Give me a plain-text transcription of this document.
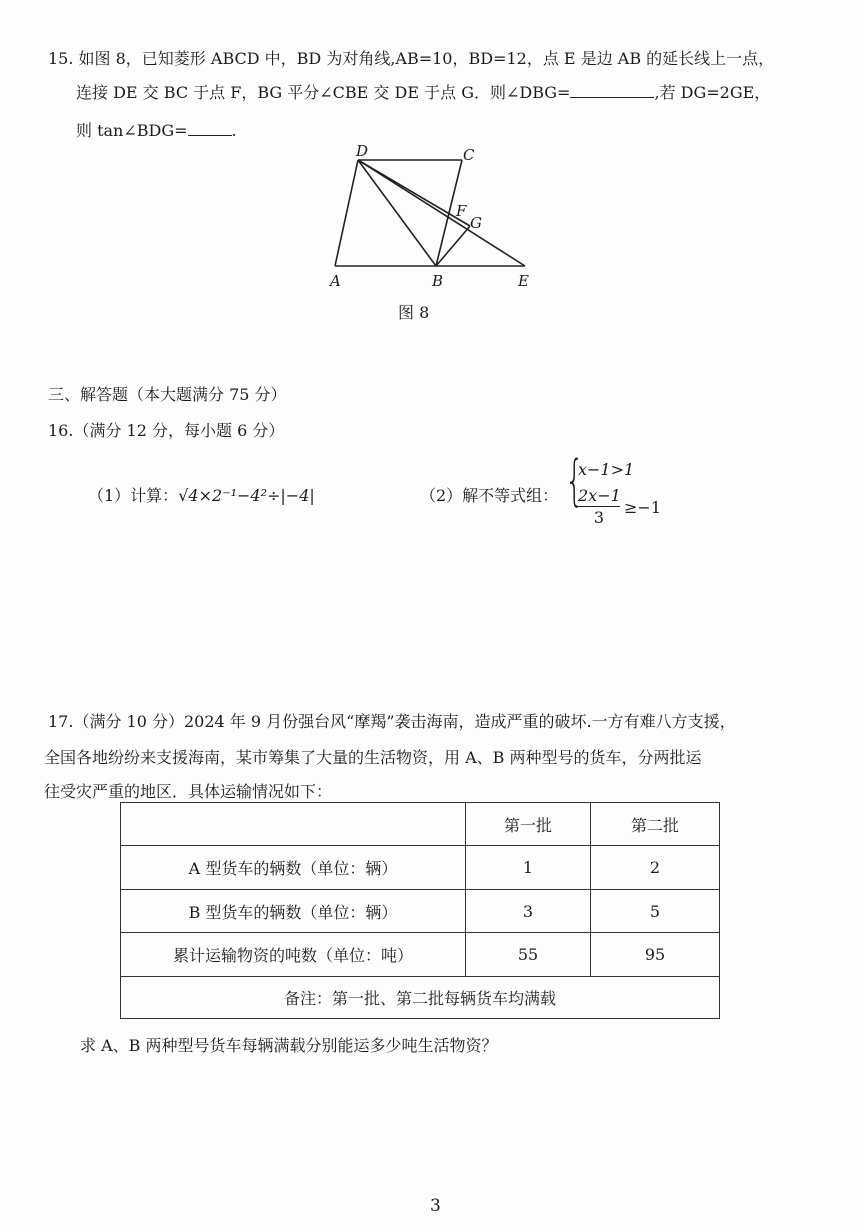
15. 如图 8，已知菱形 ABCD 中，BD 为对角线,AB=10，BD=12，点 E 是边 AB 的延长线上一点，
连接 DE 交 BC 于点 F，BG 平分∠CBE 交 DE 于点 G．则∠DBG=	,若 DG=2GE，
则 tan∠BDG=	.
D	C
F
G
A	B	E
图 8
三、解答题（本大题满分 75 分）
16.（满分 12 分，每小题 6 分）
（1）计算：√4×2⁻¹−4²÷|−4|	（2）解不等式组： {
x−1>1
$\frac{2x-1}{3} \ge-1$
17.（满分 10 分）2024 年 9 月份强台风“摩羯”袭击海南，造成严重的破坏.一方有难八方支援，
全国各地纷纷来支援海南，某市筹集了大量的生活物资，用 A、B 两种型号的货车，分两批运
往受灾严重的地区．具体运输情况如下：
	第一批	第二批
A 型货车的辆数（单位：辆）	1	2
B 型货车的辆数（单位：辆）	3	5
累计运输物资的吨数（单位：吨）	55	95
备注：第一批、第二批每辆货车均满载		
求 A、B 两种型号货车每辆满载分别能运多少吨生活物资？
3
